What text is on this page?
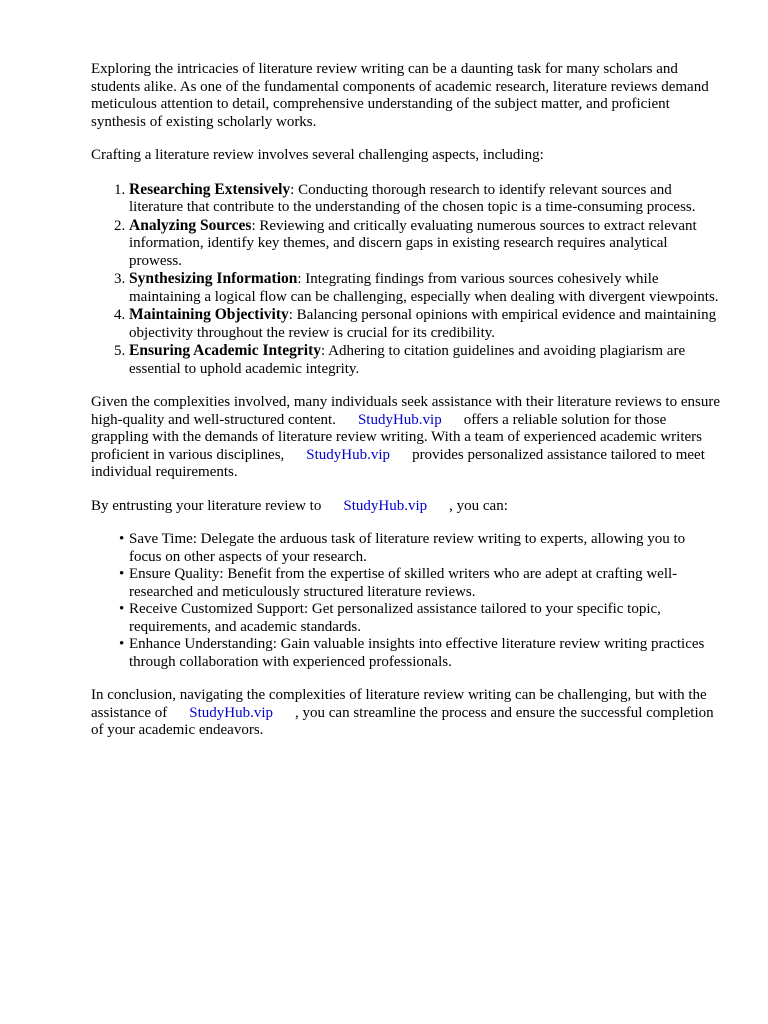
Exploring the intricacies of literature review writing can be a daunting task for many scholars and students alike. As one of the fundamental components of academic research, literature reviews demand meticulous attention to detail, comprehensive understanding of the subject matter, and proficient synthesis of existing scholarly works.

Crafting a literature review involves several challenging aspects, including:

1. Researching Extensively: Conducting thorough research to identify relevant sources and literature that contribute to the understanding of the chosen topic is a time-consuming process.
2. Analyzing Sources: Reviewing and critically evaluating numerous sources to extract relevant information, identify key themes, and discern gaps in existing research requires analytical prowess.
3. Synthesizing Information: Integrating findings from various sources cohesively while maintaining a logical flow can be challenging, especially when dealing with divergent viewpoints.
4. Maintaining Objectivity: Balancing personal opinions with empirical evidence and maintaining objectivity throughout the review is crucial for its credibility.
5. Ensuring Academic Integrity: Adhering to citation guidelines and avoiding plagiarism are essential to uphold academic integrity.

Given the complexities involved, many individuals seek assistance with their literature reviews to ensure high-quality and well-structured content. StudyHub.vip offers a reliable solution for those grappling with the demands of literature review writing. With a team of experienced academic writers proficient in various disciplines, StudyHub.vip provides personalized assistance tailored to meet individual requirements.

By entrusting your literature review to StudyHub.vip , you can:

• Save Time: Delegate the arduous task of literature review writing to experts, allowing you to focus on other aspects of your research.
• Ensure Quality: Benefit from the expertise of skilled writers who are adept at crafting well-researched and meticulously structured literature reviews.
• Receive Customized Support: Get personalized assistance tailored to your specific topic, requirements, and academic standards.
• Enhance Understanding: Gain valuable insights into effective literature review writing practices through collaboration with experienced professionals.

In conclusion, navigating the complexities of literature review writing can be challenging, but with the assistance of StudyHub.vip , you can streamline the process and ensure the successful completion of your academic endeavors.
